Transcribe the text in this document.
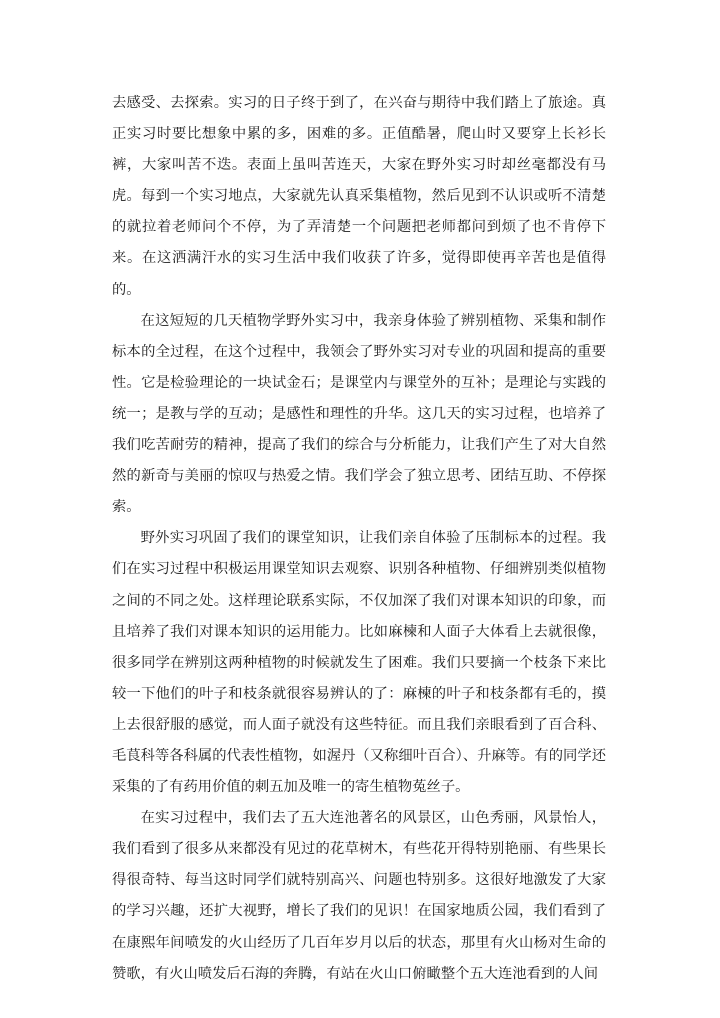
去感受、去探索。实习的日子终于到了，在兴奋与期待中我们踏上了旅途。真正实习时要比想象中累的多，困难的多。正值酷暑，爬山时又要穿上长衫长裤，大家叫苦不迭。表面上虽叫苦连天，大家在野外实习时却丝毫都没有马虎。每到一个实习地点，大家就先认真采集植物，然后见到不认识或听不清楚的就拉着老师问个不停，为了弄清楚一个问题把老师都问到烦了也不肯停下来。在这洒满汗水的实习生活中我们收获了许多，觉得即使再辛苦也是值得的。

在这短短的几天植物学野外实习中，我亲身体验了辨别植物、采集和制作标本的全过程，在这个过程中，我领会了野外实习对专业的巩固和提高的重要性。它是检验理论的一块试金石；是课堂内与课堂外的互补；是理论与实践的统一；是教与学的互动；是感性和理性的升华。这几天的实习过程，也培养了我们吃苦耐劳的精神，提高了我们的综合与分析能力，让我们产生了对大自然然的新奇与美丽的惊叹与热爱之情。我们学会了独立思考、团结互助、不停探索。

野外实习巩固了我们的课堂知识，让我们亲自体验了压制标本的过程。我们在实习过程中积极运用课堂知识去观察、识别各种植物、仔细辨别类似植物之间的不同之处。这样理论联系实际，不仅加深了我们对课本知识的印象，而且培养了我们对课本知识的运用能力。比如麻楝和人面子大体看上去就很像，很多同学在辨别这两种植物的时候就发生了困难。我们只要摘一个枝条下来比较一下他们的叶子和枝条就很容易辨认的了：麻楝的叶子和枝条都有毛的，摸上去很舒服的感觉，而人面子就没有这些特征。而且我们亲眼看到了百合科、毛茛科等各科属的代表性植物，如渥丹（又称细叶百合）、升麻等。有的同学还采集的了有药用价值的刺五加及唯一的寄生植物菟丝子。

在实习过程中，我们去了五大连池著名的风景区，山色秀丽，风景怡人，我们看到了很多从来都没有见过的花草树木，有些花开得特别艳丽、有些果长得很奇特、每当这时同学们就特别高兴、问题也特别多。这很好地激发了大家的学习兴趣，还扩大视野，增长了我们的见识！在国家地质公园，我们看到了在康熙年间喷发的火山经历了几百年岁月以后的状态，那里有火山杨对生命的赞歌，有火山喷发后石海的奔腾，有站在火山口俯瞰整个五大连池看到的人间
